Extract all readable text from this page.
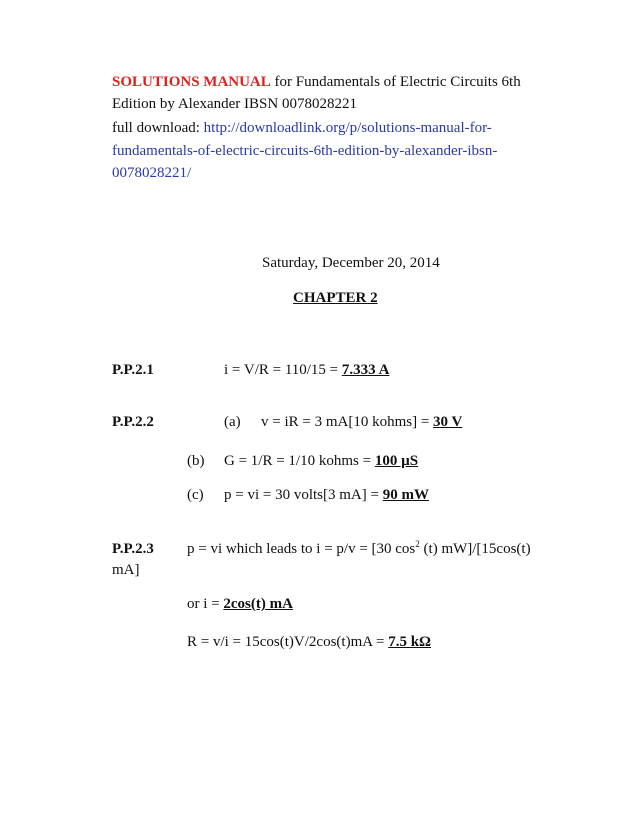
SOLUTIONS MANUAL for Fundamentals of Electric Circuits 6th
Edition by Alexander IBSN 0078028221
full download: http://downloadlink.org/p/solutions-manual-for-
fundamentals-of-electric-circuits-6th-edition-by-alexander-ibsn-
0078028221/
Saturday, December 20, 2014
CHAPTER 2
P.P.2.1	i = V/R = 110/15 = 7.333 A
P.P.2.2	(a) v = iR = 3 mA[10 kohms] = 30 V
(b) G = 1/R = 1/10 kohms = 100 µS
(c) p = vi = 30 volts[3 mA] = 90 mW
P.P.2.3 p = vi which leads to i = p/v = [30 $\cos^2 (t)$ mW]/[15cos(t)
mA]
or i = 2cos(t) mA
R = v/i = 15cos(t)V/2cos(t)mA = 7.5 kΩ
